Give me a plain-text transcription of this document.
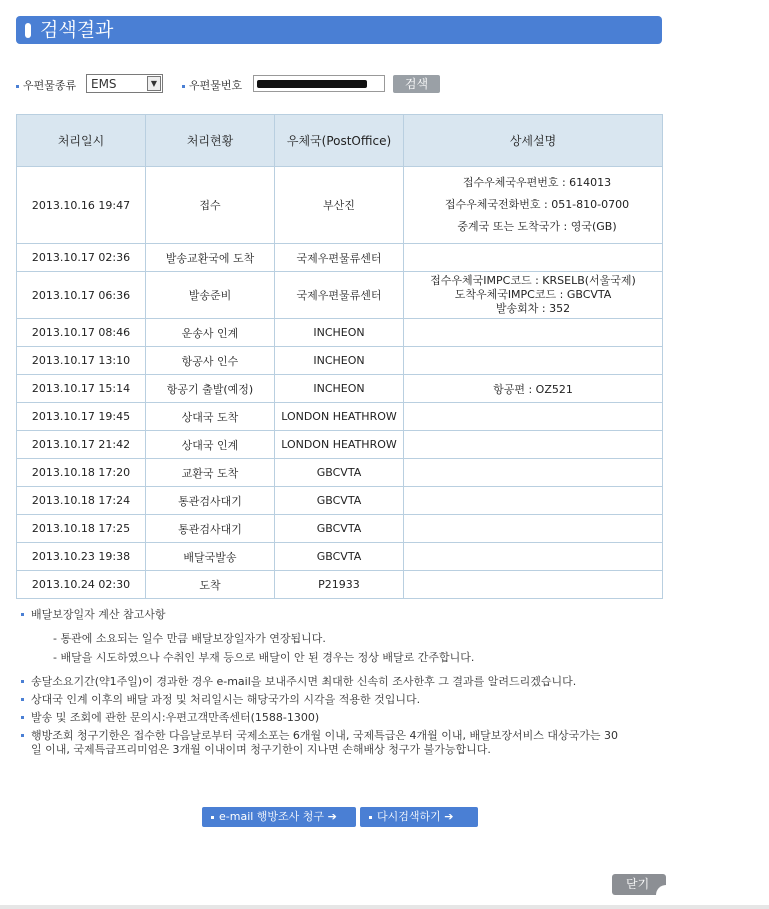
검색결과
우편물종류	EMS	▼	우편물번호	검색
처리일시	처리현황	우체국(PostOffice)	상세설명
2013.10.16 19:47	접수	부산진	접수우체국우편번호 : 614013
접수우체국전화번호 : 051-810-0700
중계국 또는 도착국가 : 영국(GB)

2013.10.17 02:36	발송교환국에 도착	국제우편물류센터	
2013.10.17 06:36	발송준비	국제우편물류센터	접수우체국IMPC코드 : KRSELB(서울국제)
도착우체국IMPC코드 : GBCVTA
발송회차 : 352

2013.10.17 08:46	운송사 인계	INCHEON	
2013.10.17 13:10	항공사 인수	INCHEON	
2013.10.17 15:14	항공기 출발(예정)	INCHEON	항공편 : OZ521
2013.10.17 19:45	상대국 도착	LONDON HEATHROW	
2013.10.17 21:42	상대국 인계	LONDON HEATHROW	
2013.10.18 17:20	교환국 도착	GBCVTA	
2013.10.18 17:24	통관검사대기	GBCVTA	
2013.10.18 17:25	통관검사대기	GBCVTA	
2013.10.23 19:38	배달국발송	GBCVTA	
2013.10.24 02:30	도착	P21933	
배달보장일자 계산 참고사항
- 통관에 소요되는 일수 만큼 배달보장일자가 연장됩니다.
- 배달을 시도하였으나 수취인 부재 등으로 배달이 안 된 경우는 정상 배달로 간주합니다.
송달소요기간(약1주일)이 경과한 경우 e-mail을 보내주시면 최대한 신속히 조사한후 그 결과를 알려드리겠습니다.
상대국 인계 이후의 배달 과정 및 처리일시는 해당국가의 시각을 적용한 것입니다.
발송 및 조회에 관한 문의시:우편고객만족센터(1588-1300)
행방조회 청구기한은 접수한 다음날로부터 국제소포는 6개월 이내, 국제특급은 4개월 이내, 배달보장서비스 대상국가는 30일 이내, 국제특급프리미엄은 3개월 이내이며 청구기한이 지나면 손해배상 청구가 불가능합니다.
e-mail 행방조사 청구 ➔	다시검색하기 ➔
닫기
